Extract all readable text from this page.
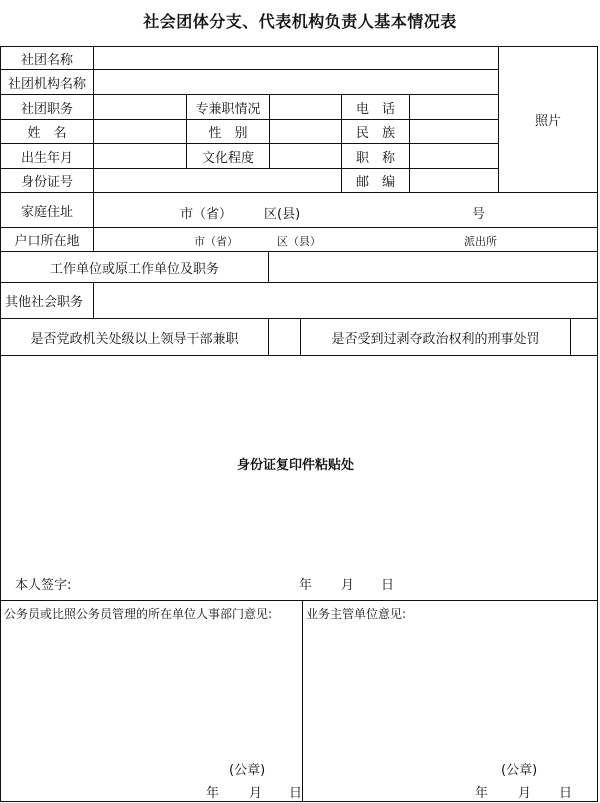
社会团体分支、代表机构负责人基本情况表
社团名称
照片
社团机构名称
社团职务	专兼职情况	电　话
姓　名	性　别	民　族
出生年月	文化程度	职　称
身份证号	邮　编
家庭住址	市（省） 区(县)	号
户口所在地	市（省）	区（县）	派出所
工作单位或原工作单位及职务
其他社会职务
是否党政机关处级以上领导干部兼职	是否受到过剥夺政治权利的刑事处罚
身份证复印件粘贴处
本人签字:	年 月 日
公务员或比照公务员管理的所在单位人事部门意见:
(公章)
年 月 日
业务主管单位意见:
(公章)
年 月 日
